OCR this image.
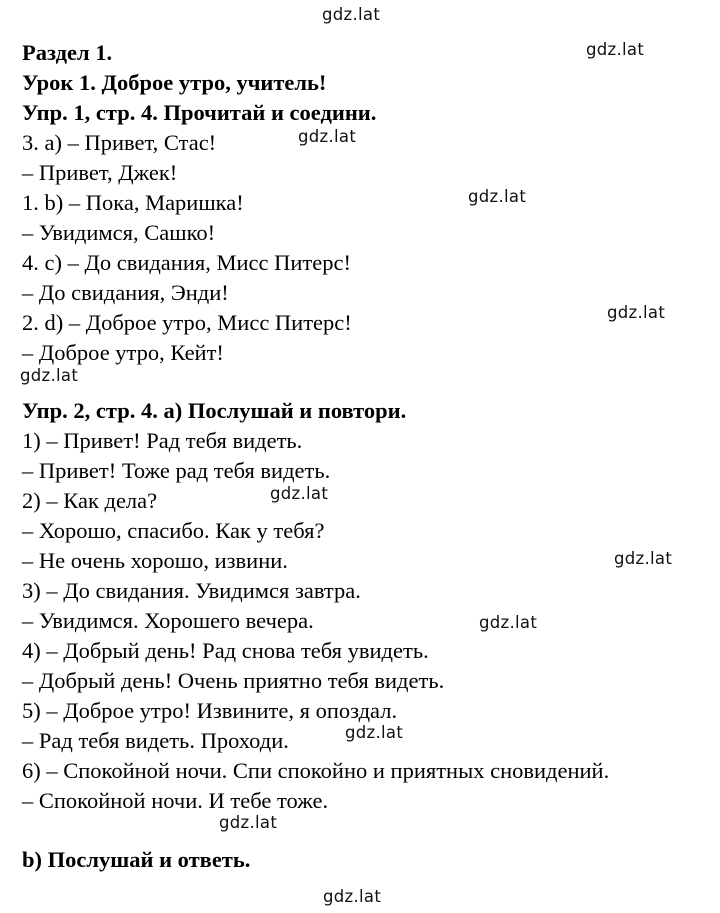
Раздел 1.
Урок 1. Доброе утро, учитель!
Упр. 1, стр. 4. Прочитай и соедини.
3. a) – Привет, Стас!
– Привет, Джек!
1. b) – Пока, Маришка!
– Увидимся, Сашко!
4. c) – До свидания, Мисс Питерс!
– До свидания, Энди!
2. d) – Доброе утро, Мисс Питерс!
– Доброе утро, Кейт!
Упр. 2, стр. 4. a) Послушай и повтори.
1) – Привет! Рад тебя видеть.
– Привет! Тоже рад тебя видеть.
2) – Как дела?
– Хорошо, спасибо. Как у тебя?
– Не очень хорошо, извини.
3) – До свидания. Увидимся завтра.
– Увидимся. Хорошего вечера.
4) – Добрый день! Рад снова тебя увидеть.
– Добрый день! Очень приятно тебя видеть.
5) – Доброе утро! Извините, я опоздал.
– Рад тебя видеть. Проходи.
6) – Спокойной ночи. Спи спокойно и приятных сновидений.
– Спокойной ночи. И тебе тоже.
b) Послушай и ответь.
gdz.lat
gdz.lat
gdz.lat
gdz.lat
gdz.lat
gdz.lat
gdz.lat
gdz.lat
gdz.lat
gdz.lat
gdz.lat
gdz.lat
